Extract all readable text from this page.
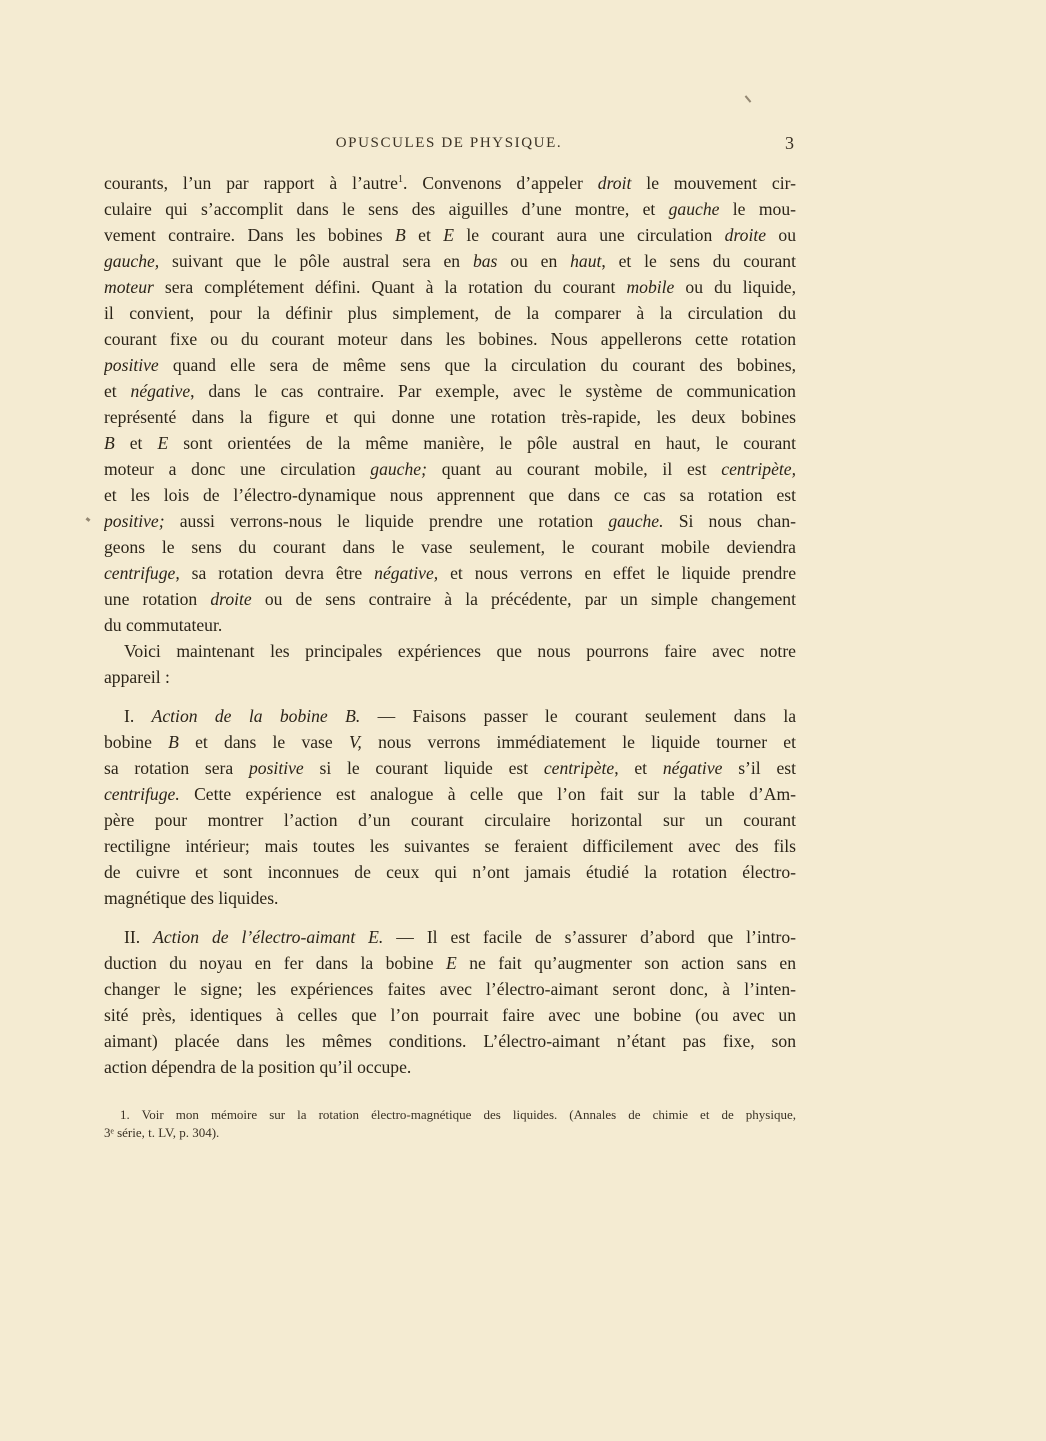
OPUSCULES DE PHYSIQUE.	3

courants, l’un par rapport à l’autre$^1$. Convenons d’appeler droit le mouvement cir-
culaire qui s’accomplit dans le sens des aiguilles d’une montre, et gauche le mou-
vement contraire. Dans les bobines B et E le courant aura une circulation droite ou
gauche, suivant que le pôle austral sera en bas ou en haut, et le sens du courant
moteur sera complétement défini. Quant à la rotation du courant mobile ou du liquide,
il convient, pour la définir plus simplement, de la comparer à la circulation du
courant fixe ou du courant moteur dans les bobines. Nous appellerons cette rotation
positive quand elle sera de même sens que la circulation du courant des bobines,
et négative, dans le cas contraire. Par exemple, avec le système de communication
représenté dans la figure et qui donne une rotation très-rapide, les deux bobines
B et E sont orientées de la même manière, le pôle austral en haut, le courant
moteur a donc une circulation gauche; quant au courant mobile, il est centripète,
et les lois de l’électro-dynamique nous apprennent que dans ce cas sa rotation est
positive; aussi verrons-nous le liquide prendre une rotation gauche. Si nous chan-
geons le sens du courant dans le vase seulement, le courant mobile deviendra
centrifuge, sa rotation devra être négative, et nous verrons en effet le liquide prendre
une rotation droite ou de sens contraire à la précédente, par un simple changement
du commutateur.

Voici maintenant les principales expériences que nous pourrons faire avec notre
appareil :

I. Action de la bobine B. — Faisons passer le courant seulement dans la
bobine B et dans le vase V, nous verrons immédiatement le liquide tourner et
sa rotation sera positive si le courant liquide est centripète, et négative s’il est
centrifuge. Cette expérience est analogue à celle que l’on fait sur la table d’Am-
père pour montrer l’action d’un courant circulaire horizontal sur un courant
rectiligne intérieur; mais toutes les suivantes se feraient difficilement avec des fils
de cuivre et sont inconnues de ceux qui n’ont jamais étudié la rotation électro-
magnétique des liquides.

II. Action de l’électro-aimant E. — Il est facile de s’assurer d’abord que l’intro-
duction du noyau en fer dans la bobine E ne fait qu’augmenter son action sans en
changer le signe; les expériences faites avec l’électro-aimant seront donc, à l’inten-
sité près, identiques à celles que l’on pourrait faire avec une bobine (ou avec un
aimant) placée dans les mêmes conditions. L’électro-aimant n’étant pas fixe, son
action dépendra de la position qu’il occupe.

1. Voir mon mémoire sur la rotation électro-magnétique des liquides. (Annales de chimie et de physique,
3ᵉ série, t. LV, p. 304).
